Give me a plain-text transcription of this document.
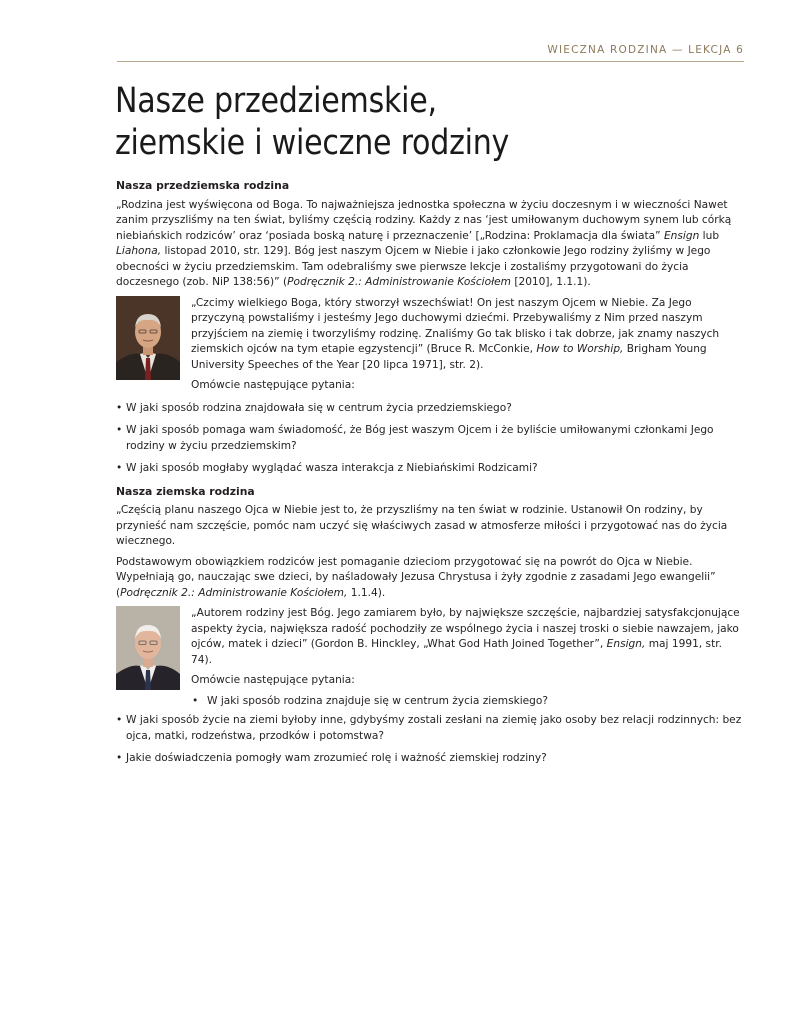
WIECZNA RODZINA — LEKCJA 6
Nasze przedziemskie,
ziemskie i wieczne rodziny
Nasza przedziemska rodzina

„Rodzina jest wyświęcona od Boga. To najważniejsza jednostka społeczna w życiu doczesnym i w wieczności Nawet zanim przyszliśmy na ten świat, byliśmy częścią rodziny. Każdy z nas ‘jest umiłowanym duchowym synem lub córką niebiańskich rodziców’ oraz ‘posiada boską naturę i przeznaczenie’ [„Rodzina: Proklamacja dla świata” Ensign lub Liahona, listopad 2010, str. 129]. Bóg jest naszym Ojcem w Niebie i jako członkowie Jego rodziny żyliśmy w Jego obecności w życiu przedziemskim. Tam odebraliśmy swe pierwsze lekcje i zostaliśmy przygotowani do życia doczesnego (zob. NiP 138:56)” (Podręcznik 2.: Administrowanie Kościołem [2010], 1.1.1).

„Czcimy wielkiego Boga, który stworzył wszechświat! On jest naszym Ojcem w Niebie. Za Jego przyczyną powstaliśmy i jesteśmy Jego duchowymi dziećmi. Przebywaliśmy z Nim przed naszym przyjściem na ziemię i tworzyliśmy rodzinę. Znaliśmy Go tak blisko i tak dobrze, jak znamy naszych ziemskich ojców na tym etapie egzystencji” (Bruce R. McConkie, How to Worship, Brigham Young University Speeches of the Year [20 lipca 1971], str. 2).

Omówcie następujące pytania:

• W jaki sposób rodzina znajdowała się w centrum życia przedziemskiego?
• W jaki sposób pomaga wam świadomość, że Bóg jest waszym Ojcem i że byliście umiłowanymi członkami Jego rodziny w życiu przedziemskim?
• W jaki sposób mogłaby wyglądać wasza interakcja z Niebiańskimi Rodzicami?
Nasza ziemska rodzina

„Częścią planu naszego Ojca w Niebie jest to, że przyszliśmy na ten świat w rodzinie. Ustanowił On rodziny, by przynieść nam szczęście, pomóc nam uczyć się właściwych zasad w atmosferze miłości i przygotować nas do życia wiecznego.

Podstawowym obowiązkiem rodziców jest pomaganie dzieciom przygotować się na powrót do Ojca w Niebie. Wypełniają go, nauczając swe dzieci, by naśladowały Jezusa Chrystusa i żyły zgodnie z zasadami Jego ewangelii” (Podręcznik 2.: Administrowanie Kościołem, 1.1.4).

„Autorem rodziny jest Bóg. Jego zamiarem było, by największe szczęście, najbardziej satysfakcjonujące aspekty życia, największa radość pochodziły ze wspólnego życia i naszej troski o siebie nawzajem, jako ojców, matek i dzieci” (Gordon B. Hinckley, „What God Hath Joined Together”, Ensign, maj 1991, str. 74).

Omówcie następujące pytania:

• W jaki sposób rodzina znajduje się w centrum życia ziemskiego?
• W jaki sposób życie na ziemi byłoby inne, gdybyśmy zostali zesłani na ziemię jako osoby bez relacji rodzinnych: bez ojca, matki, rodzeństwa, przodków i potomstwa?
• Jakie doświadczenia pomogły wam zrozumieć rolę i ważność ziemskiej rodziny?
